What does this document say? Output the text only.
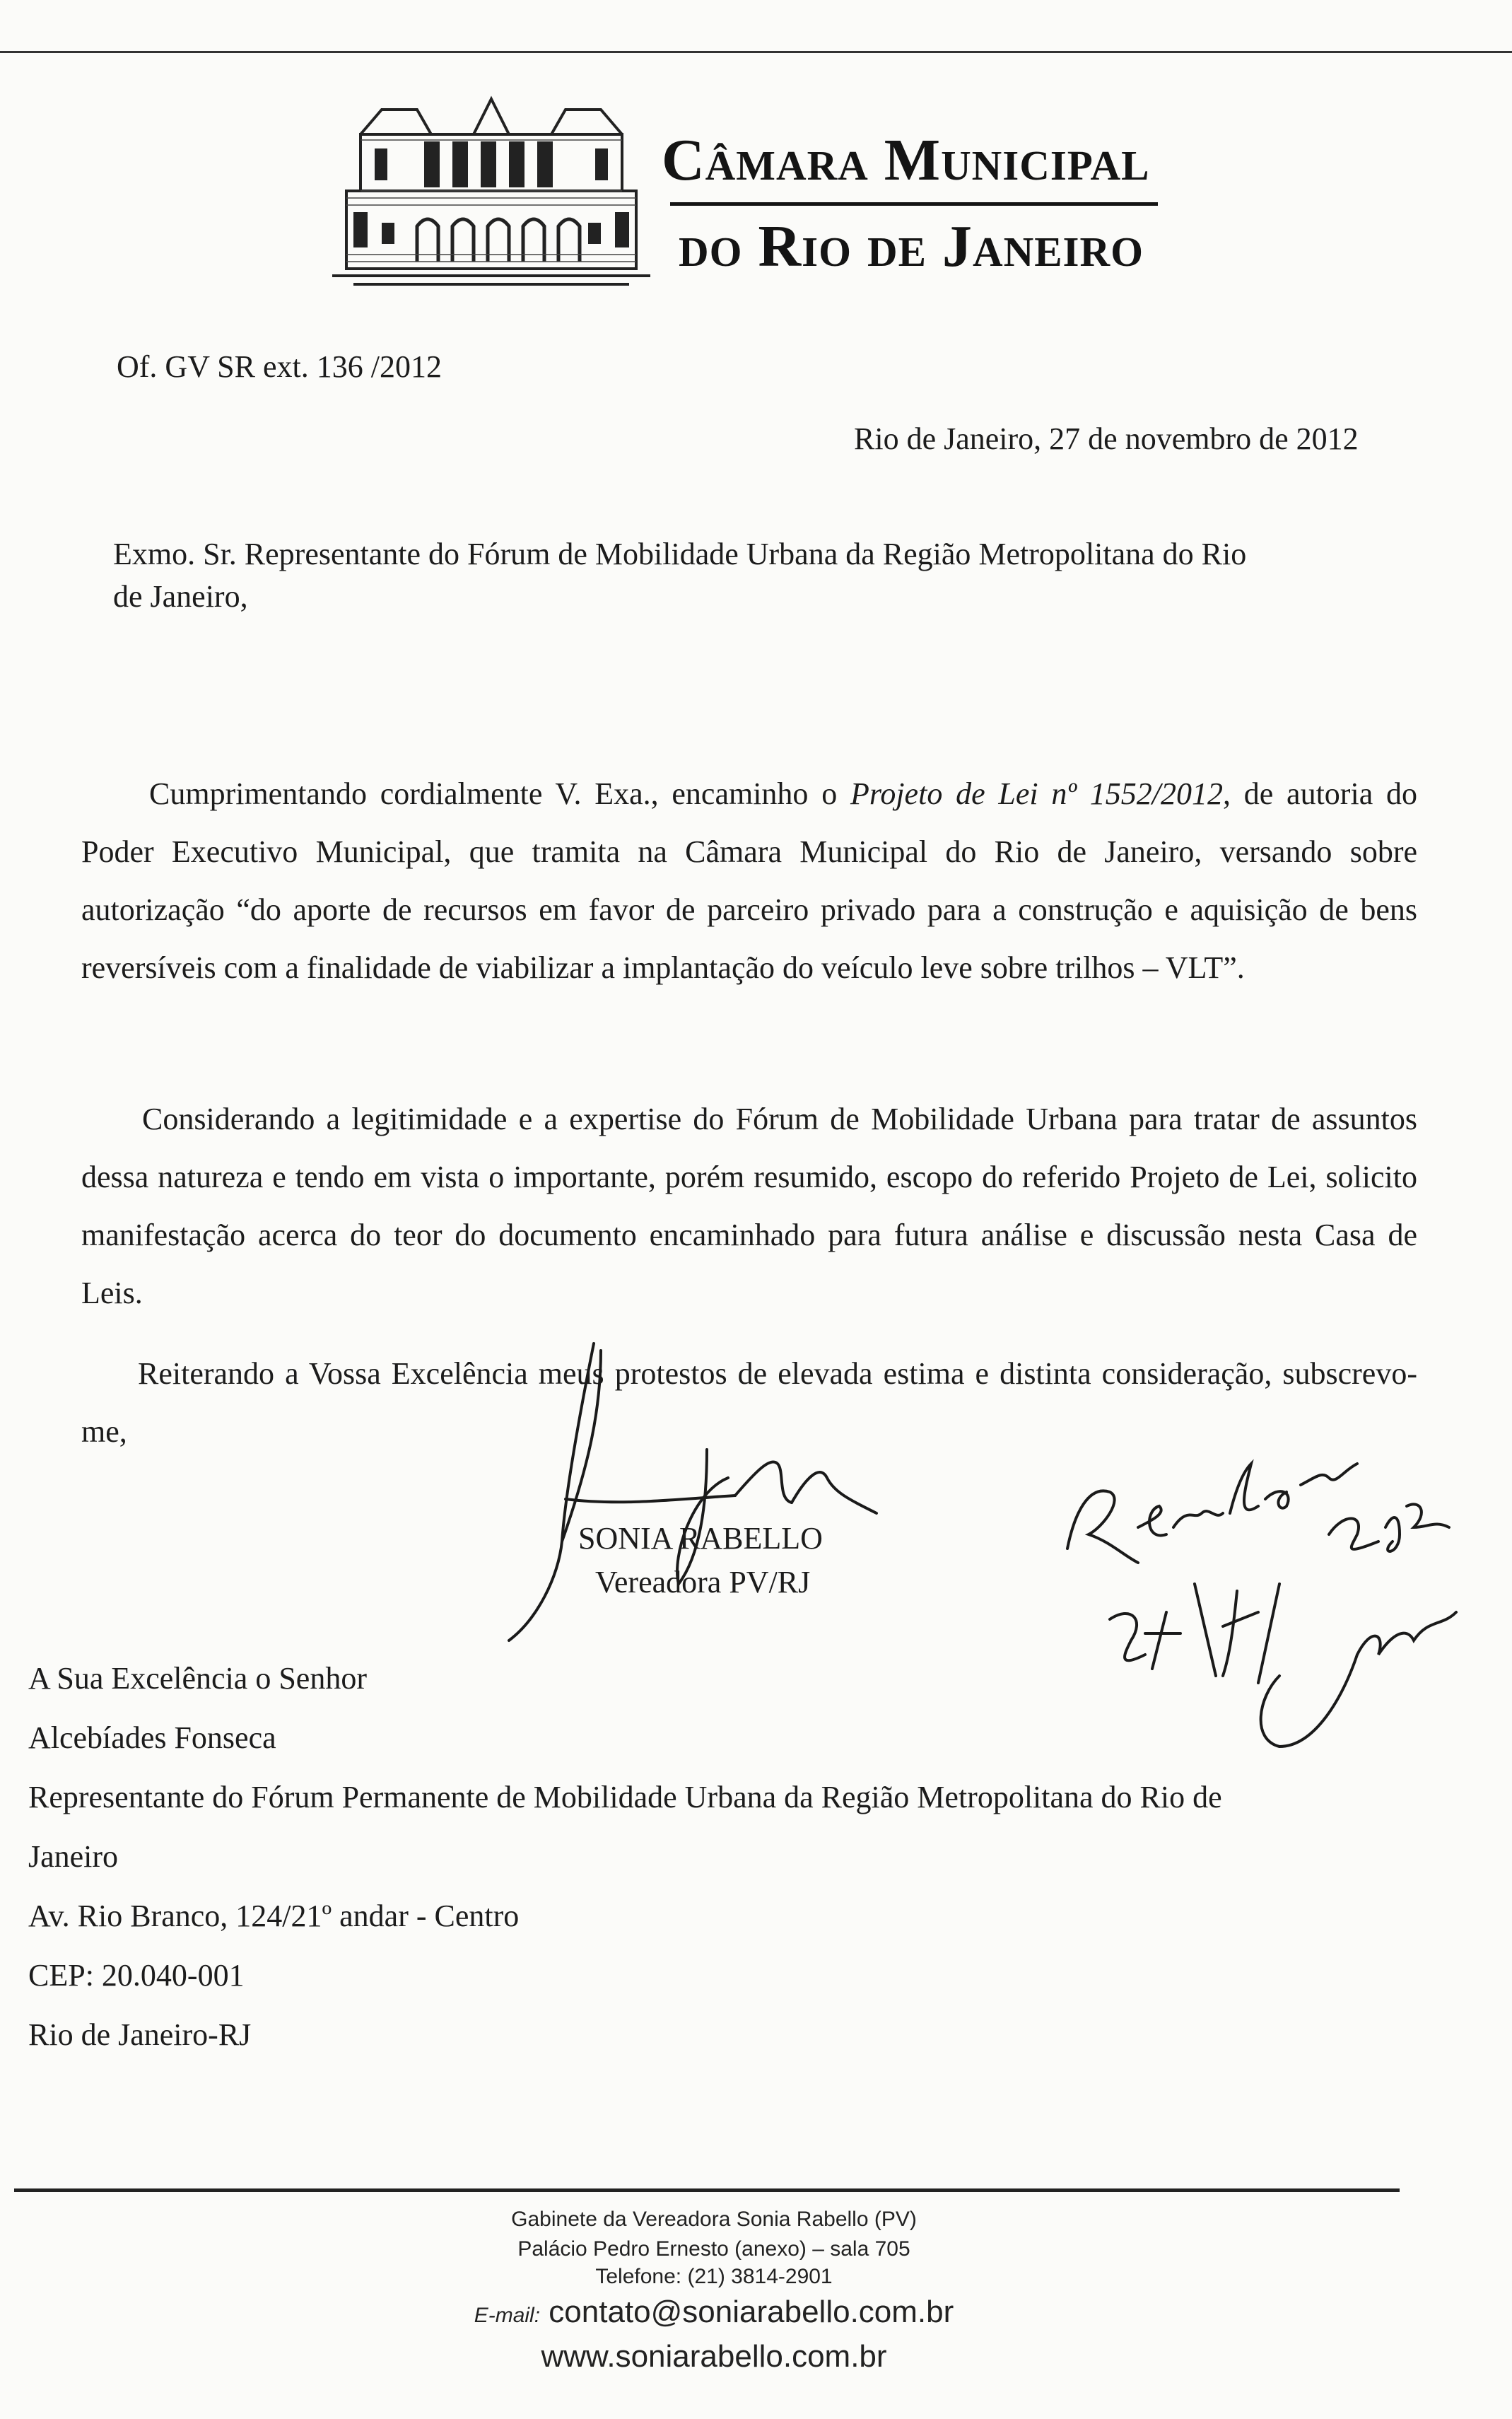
Câmara Municipal
do Rio de Janeiro
Of. GV SR ext. 136 /2012
Rio de Janeiro, 27 de novembro de 2012
Exmo. Sr. Representante do Fórum de Mobilidade Urbana da Região Metropolitana do Rio
de Janeiro,

Cumprimentando cordialmente V. Exa., encaminho o Projeto de Lei nº 1552/2012, de autoria do Poder Executivo Municipal, que tramita na Câmara Municipal do Rio de Janeiro, versando sobre autorização “do aporte de recursos em favor de parceiro privado para a construção e aquisição de bens reversíveis com a finalidade de viabilizar a implantação do veículo leve sobre trilhos – VLT”.

Considerando a legitimidade e a expertise do Fórum de Mobilidade Urbana para tratar de assuntos dessa natureza e tendo em vista o importante, porém resumido, escopo do referido Projeto de Lei, solicito manifestação acerca do teor do documento encaminhado para futura análise e discussão nesta Casa de Leis.

Reiterando a Vossa Excelência meus protestos de elevada estima e distinta consideração, subscrevo-me,

SONIA RABELLO
Vereadora PV/RJ
A Sua Excelência o Senhor
Alcebíades Fonseca
Representante do Fórum Permanente de Mobilidade Urbana da Região Metropolitana do Rio de
Janeiro
Av. Rio Branco, 124/21º andar - Centro
CEP: 20.040-001
Rio de Janeiro-RJ
Gabinete da Vereadora Sonia Rabello (PV)
Palácio Pedro Ernesto (anexo) – sala 705
Telefone: (21) 3814-2901
E-mail: contato@soniarabello.com.br
www.soniarabello.com.br
